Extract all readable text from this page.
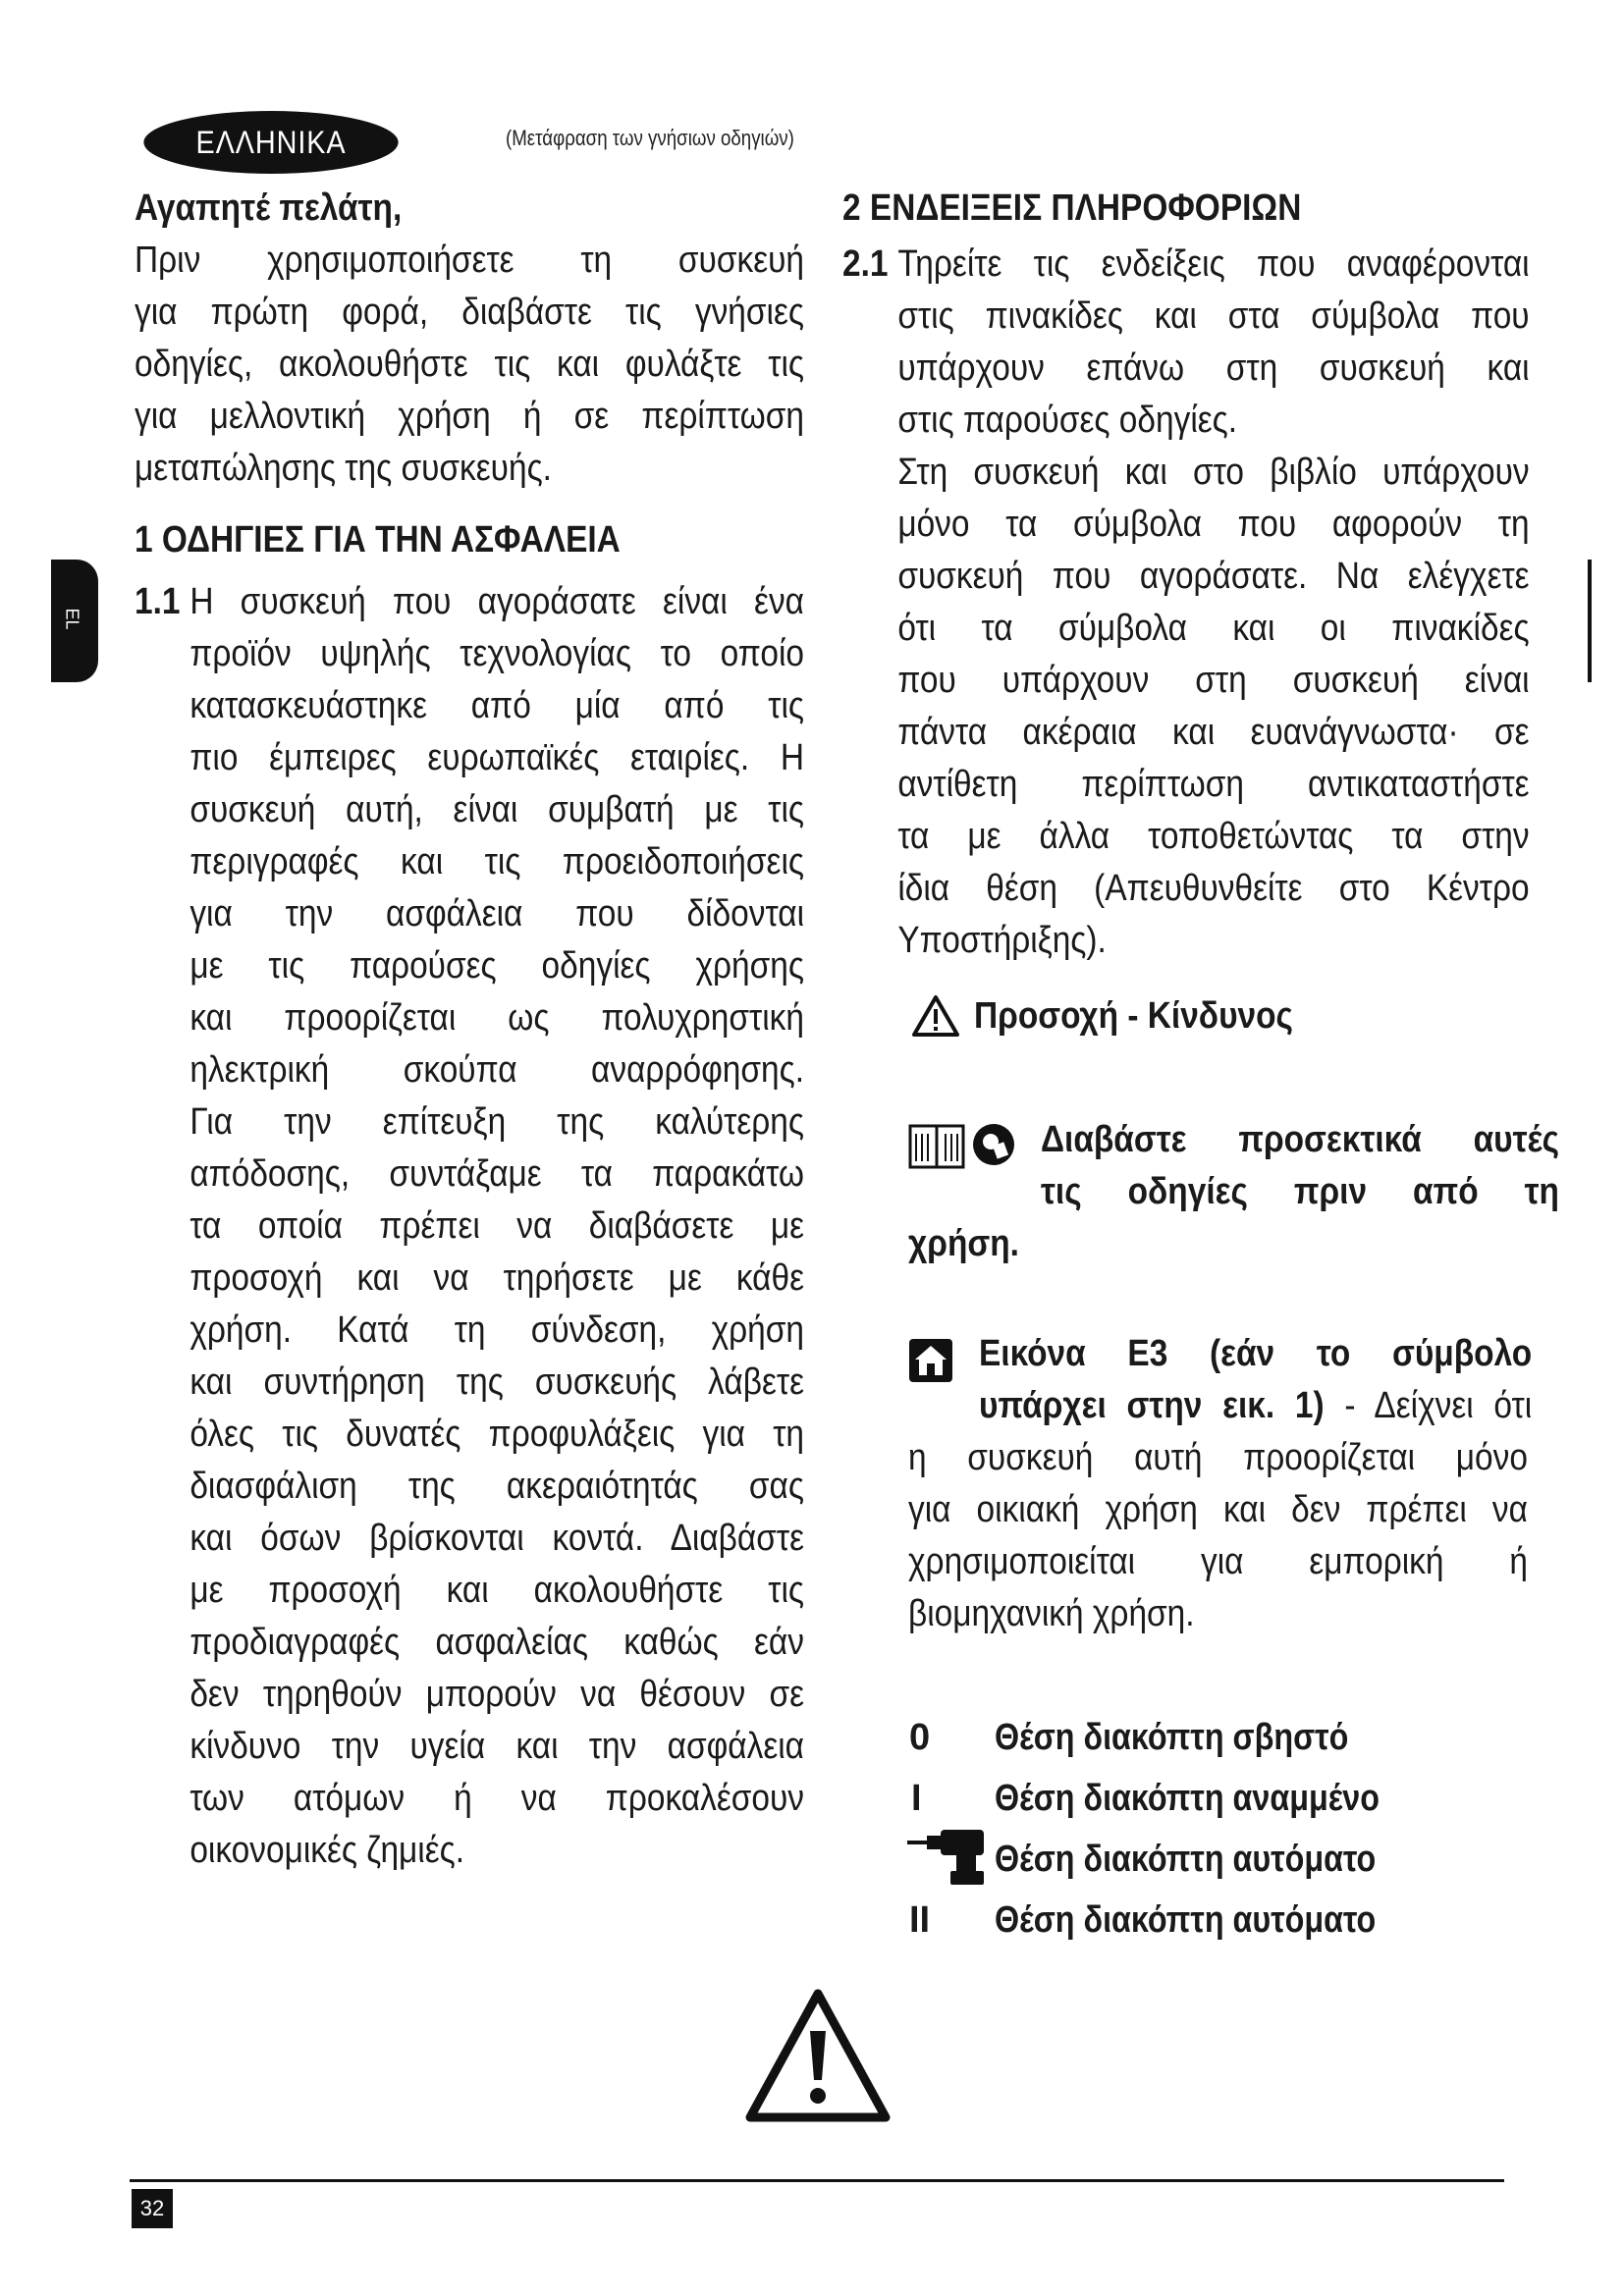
ΕΛΛΗΝΙΚΑ	(Μετάφραση των γνήσιων οδηγιών)
EL

Αγαπητέ πελάτη,

Πριν χρησιμοποιήσετε τη συσκευή

για πρώτη φορά, διαβάστε τις γνήσιες

οδηγίες, ακολουθήστε τις και φυλάξτε τις

για μελλοντική χρήση ή σε περίπτωση

μεταπώλησης της συσκευής.

1 ΟΔΗΓΙΕΣ ΓΙΑ ΤΗΝ ΑΣΦΑΛΕΙΑ

1.1 Η συσκευή που αγοράσατε είναι ένα

προϊόν υψηλής τεχνολογίας το οποίο

κατασκευάστηκε από μία από τις

πιο έμπειρες ευρωπαϊκές εταιρίες. Η

συσκευή αυτή, είναι συμβατή με τις

περιγραφές και τις προειδοποιήσεις

για την ασφάλεια που δίδονται

με τις παρούσες οδηγίες χρήσης

και προορίζεται ως πολυχρηστική

ηλεκτρική σκούπα αναρρόφησης.

Για την επίτευξη της καλύτερης

απόδοσης, συντάξαμε τα παρακάτω

τα οποία πρέπει να διαβάσετε με

προσοχή και να τηρήσετε με κάθε

χρήση. Κατά τη σύνδεση, χρήση

και συντήρηση της συσκευής λάβετε

όλες τις δυνατές προφυλάξεις για τη

διασφάλιση της ακεραιότητάς σας

και όσων βρίσκονται κοντά. Διαβάστε

με προσοχή και ακολουθήστε τις

προδιαγραφές ασφαλείας καθώς εάν

δεν τηρηθούν μπορούν να θέσουν σε

κίνδυνο την υγεία και την ασφάλεια

των ατόμων ή να προκαλέσουν

οικονομικές ζημιές.

2 ΕΝΔΕΙΞΕΙΣ ΠΛΗΡΟΦΟΡΙΩΝ

2.1 Τηρείτε τις ενδείξεις που αναφέρονται

στις πινακίδες και στα σύμβολα που

υπάρχουν επάνω στη συσκευή και

στις παρούσες οδηγίες.

Στη συσκευή και στο βιβλίο υπάρχουν

μόνο τα σύμβολα που αφορούν τη

συσκευή που αγοράσατε. Να ελέγχετε

ότι τα σύμβολα και οι πινακίδες

που υπάρχουν στη συσκευή είναι

πάντα ακέραια και ευανάγνωστα· σε

αντίθετη περίπτωση αντικαταστήστε

τα με άλλα τοποθετώντας τα στην

ίδια θέση (Απευθυνθείτε στο Κέντρο

Υποστήριξης).

Προσοχή - Κίνδυνος

Διαβάστε προσεκτικά αυτές

τις οδηγίες πριν από τη

χρήση.

Εικόνα E3 (εάν το σύμβολο

υπάρχει στην εικ. 1) - Δείχνει ότι

η συσκευή αυτή προορίζεται μόνο

για οικιακή χρήση και δεν πρέπει να

χρησιμοποιείται για εμπορική ή

βιομηχανική χρήση.

0 Θέση διακόπτη σβηστό
I Θέση διακόπτη αναμμένο
Θέση διακόπτη αυτόματο
II Θέση διακόπτη αυτόματο
32
